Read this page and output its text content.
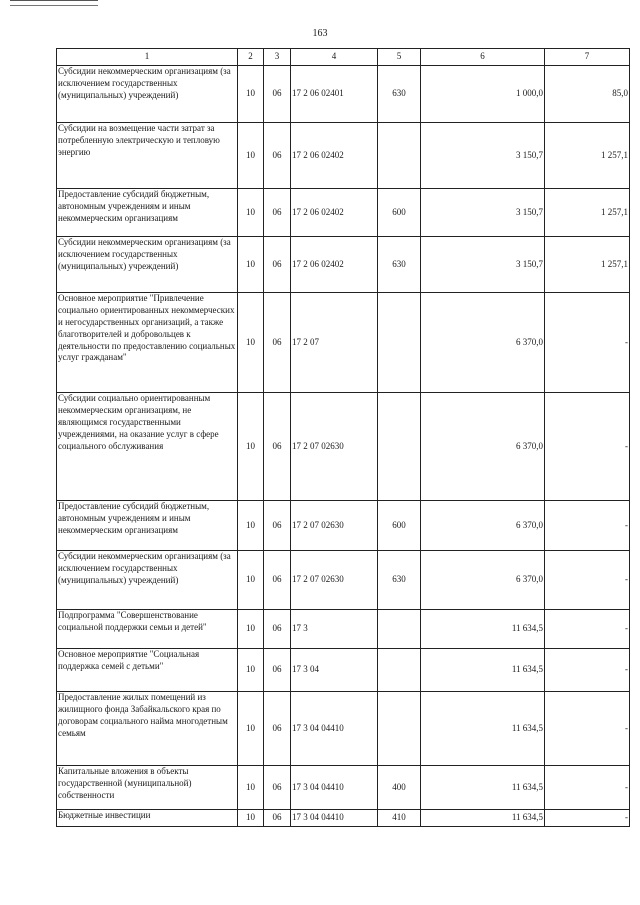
163
1	2	3	4	5	6	7
Субсидии некоммерческим организациям (за исключением государственных (муниципальных) учреждений)	10	06	17 2 06 02401	630	1 000,0	85,0
Субсидии на возмещение части затрат за потребленную электрическую и тепловую энергию	10	06	17 2 06 02402		3 150,7	1 257,1
Предоставление субсидий бюджетным, автономным учреждениям и иным некоммерческим организациям	10	06	17 2 06 02402	600	3 150,7	1 257,1
Субсидии некоммерческим организациям (за исключением государственных (муниципальных) учреждений)	10	06	17 2 06 02402	630	3 150,7	1 257,1
Основное мероприятие "Привлечение социально ориентированных некоммерческих и негосударственных организаций, а также благотворителей и добровольцев к деятельности по предоставлению социальных услуг гражданам"	10	06	17 2 07		6 370,0	-
Субсидии социально ориентированным некоммерческим организациям, не являющимся государственными учреждениями, на оказание услуг в сфере социального обслуживания	10	06	17 2 07 02630		6 370,0	-
Предоставление субсидий бюджетным, автономным учреждениям и иным некоммерческим организациям	10	06	17 2 07 02630	600	6 370,0	-
Субсидии некоммерческим организациям (за исключением государственных (муниципальных) учреждений)	10	06	17 2 07 02630	630	6 370,0	-
Подпрограмма "Совершенствование социальной поддержки семьи и детей"	10	06	17 3		11 634,5	-
Основное мероприятие "Социальная поддержка семей с детьми"	10	06	17 3 04		11 634,5	-
Предоставление жилых помещений из жилищного фонда Забайкальского края по договорам социального найма многодетным семьям	10	06	17 3 04 04410		11 634,5	-
Капитальные вложения в объекты государственной (муниципальной) собственности	10	06	17 3 04 04410	400	11 634,5	-
Бюджетные инвестиции	10	06	17 3 04 04410	410	11 634,5	-
